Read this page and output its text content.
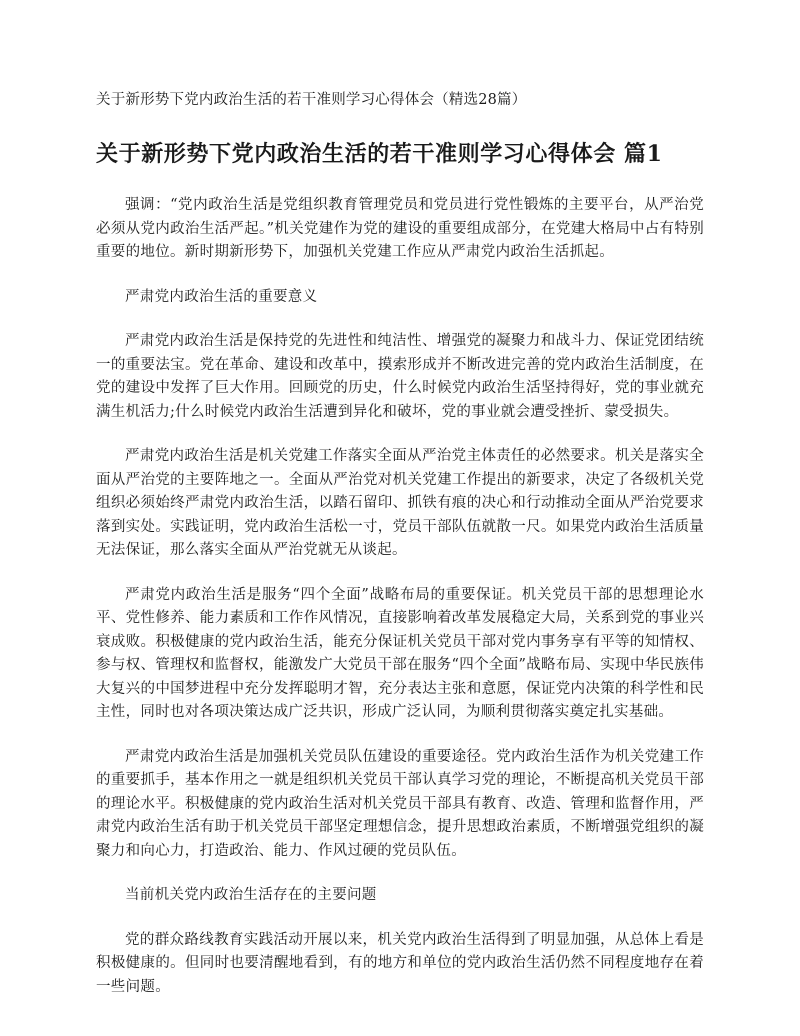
关于新形势下党内政治生活的若干准则学习心得体会（精选28篇）

关于新形势下党内政治生活的若干准则学习心得体会 篇1

强调：“党内政治生活是党组织教育管理党员和党员进行党性锻炼的主要平台，从严治党必须从党内政治生活严起。”机关党建作为党的建设的重要组成部分，在党建大格局中占有特别重要的地位。新时期新形势下，加强机关党建工作应从严肃党内政治生活抓起。

严肃党内政治生活的重要意义

严肃党内政治生活是保持党的先进性和纯洁性、增强党的凝聚力和战斗力、保证党团结统一的重要法宝。党在革命、建设和改革中，摸索形成并不断改进完善的党内政治生活制度，在党的建设中发挥了巨大作用。回顾党的历史，什么时候党内政治生活坚持得好，党的事业就充满生机活力;什么时候党内政治生活遭到异化和破坏，党的事业就会遭受挫折、蒙受损失。

严肃党内政治生活是机关党建工作落实全面从严治党主体责任的必然要求。机关是落实全面从严治党的主要阵地之一。全面从严治党对机关党建工作提出的新要求，决定了各级机关党组织必须始终严肃党内政治生活，以踏石留印、抓铁有痕的决心和行动推动全面从严治党要求落到实处。实践证明，党内政治生活松一寸，党员干部队伍就散一尺。如果党内政治生活质量无法保证，那么落实全面从严治党就无从谈起。

严肃党内政治生活是服务“四个全面”战略布局的重要保证。机关党员干部的思想理论水平、党性修养、能力素质和工作作风情况，直接影响着改革发展稳定大局，关系到党的事业兴衰成败。积极健康的党内政治生活，能充分保证机关党员干部对党内事务享有平等的知情权、参与权、管理权和监督权，能激发广大党员干部在服务“四个全面”战略布局、实现中华民族伟大复兴的中国梦进程中充分发挥聪明才智，充分表达主张和意愿，保证党内决策的科学性和民主性，同时也对各项决策达成广泛共识，形成广泛认同，为顺利贯彻落实奠定扎实基础。

严肃党内政治生活是加强机关党员队伍建设的重要途径。党内政治生活作为机关党建工作的重要抓手，基本作用之一就是组织机关党员干部认真学习党的理论，不断提高机关党员干部的理论水平。积极健康的党内政治生活对机关党员干部具有教育、改造、管理和监督作用，严肃党内政治生活有助于机关党员干部坚定理想信念，提升思想政治素质，不断增强党组织的凝聚力和向心力，打造政治、能力、作风过硬的党员队伍。

当前机关党内政治生活存在的主要问题

党的群众路线教育实践活动开展以来，机关党内政治生活得到了明显加强，从总体上看是积极健康的。但同时也要清醒地看到，有的地方和单位的党内政治生活仍然不同程度地存在着一些问题。
